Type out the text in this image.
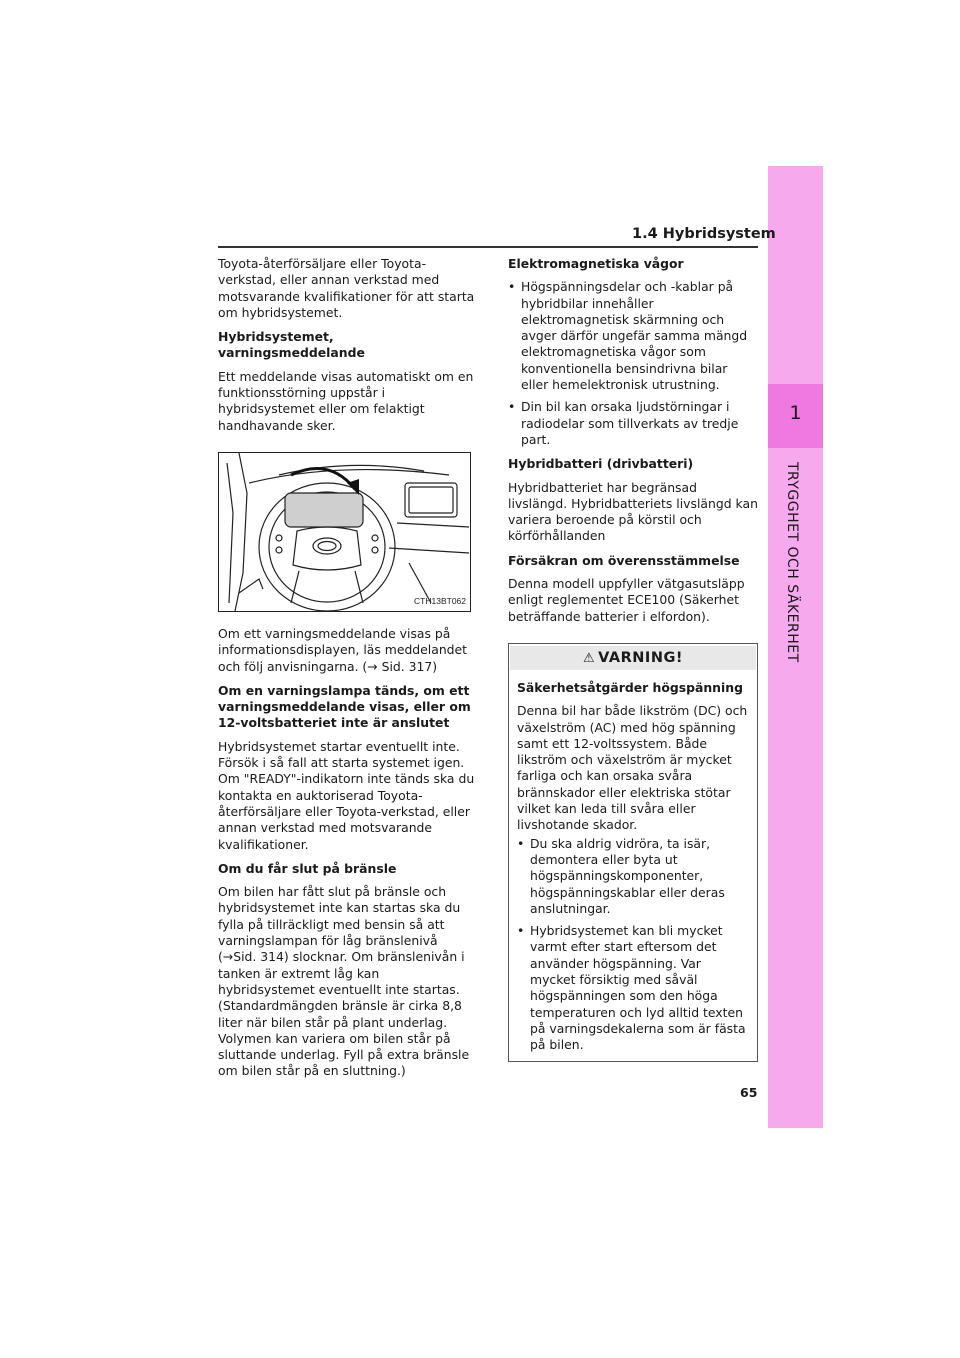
1
TRYGGHET OCH SÄKERHET
1.4 Hybridsystem

Toyota-återförsäljare eller Toyota-verkstad, eller annan verkstad med motsvarande kvalifikationer för att starta om hybridsystemet.

Hybridsystemet, varningsmeddelande

Ett meddelande visas automatiskt om en funktionsstörning uppstår i hybridsystemet eller om felaktigt handhavande sker.

CTH13BT062

Om ett varningsmeddelande visas på informationsdisplayen, läs meddelandet och följ anvisningarna. (→ Sid. 317)

Om en varningslampa tänds, om ett varningsmeddelande visas, eller om 12-voltsbatteriet inte är anslutet

Hybridsystemet startar eventuellt inte. Försök i så fall att starta systemet igen. Om "READY"-indikatorn inte tänds ska du kontakta en auktoriserad Toyota-återförsäljare eller Toyota-verkstad, eller annan verkstad med motsvarande kvalifikationer.

Om du får slut på bränsle

Om bilen har fått slut på bränsle och hybridsystemet inte kan startas ska du fylla på tillräckligt med bensin så att varningslampan för låg bränslenivå (→Sid. 314) slocknar. Om bränslenivån i tanken är extremt låg kan hybridsystemet eventuellt inte startas.

(Standardmängden bränsle är cirka 8,8 liter när bilen står på plant underlag. Volymen kan variera om bilen står på sluttande underlag. Fyll på extra bränsle om bilen står på en sluttning.)

Elektromagnetiska vågor

• Högspänningsdelar och -kablar på hybridbilar innehåller elektromagnetisk skärmning och avger därför ungefär samma mängd elektromagnetiska vågor som konventionella bensindrivna bilar eller hemelektronisk utrustning.
• Din bil kan orsaka ljudstörningar i radiodelar som tillverkats av tredje part.

Hybridbatteri (drivbatteri)

Hybridbatteriet har begränsad livslängd. Hybridbatteriets livslängd kan variera beroende på körstil och körförhållanden

Försäkran om överensstämmelse

Denna modell uppfyller vätgasutsläpp enligt reglementet ECE100 (Säkerhet beträffande batterier i elfordon).

⚠ VARNING!

Säkerhetsåtgärder högspänning

Denna bil har både likström (DC) och växelström (AC) med hög spänning samt ett 12-voltssystem. Både likström och växelström är mycket farliga och kan orsaka svåra brännskador eller elektriska stötar vilket kan leda till svåra eller livshotande skador.

• Du ska aldrig vidröra, ta isär, demontera eller byta ut högspänningskomponenter, högspänningskablar eller deras anslutningar.
• Hybridsystemet kan bli mycket varmt efter start eftersom det använder högspänning. Var mycket försiktig med såväl högspänningen som den höga temperaturen och lyd alltid texten på varningsdekalerna som är fästa på bilen.
65
